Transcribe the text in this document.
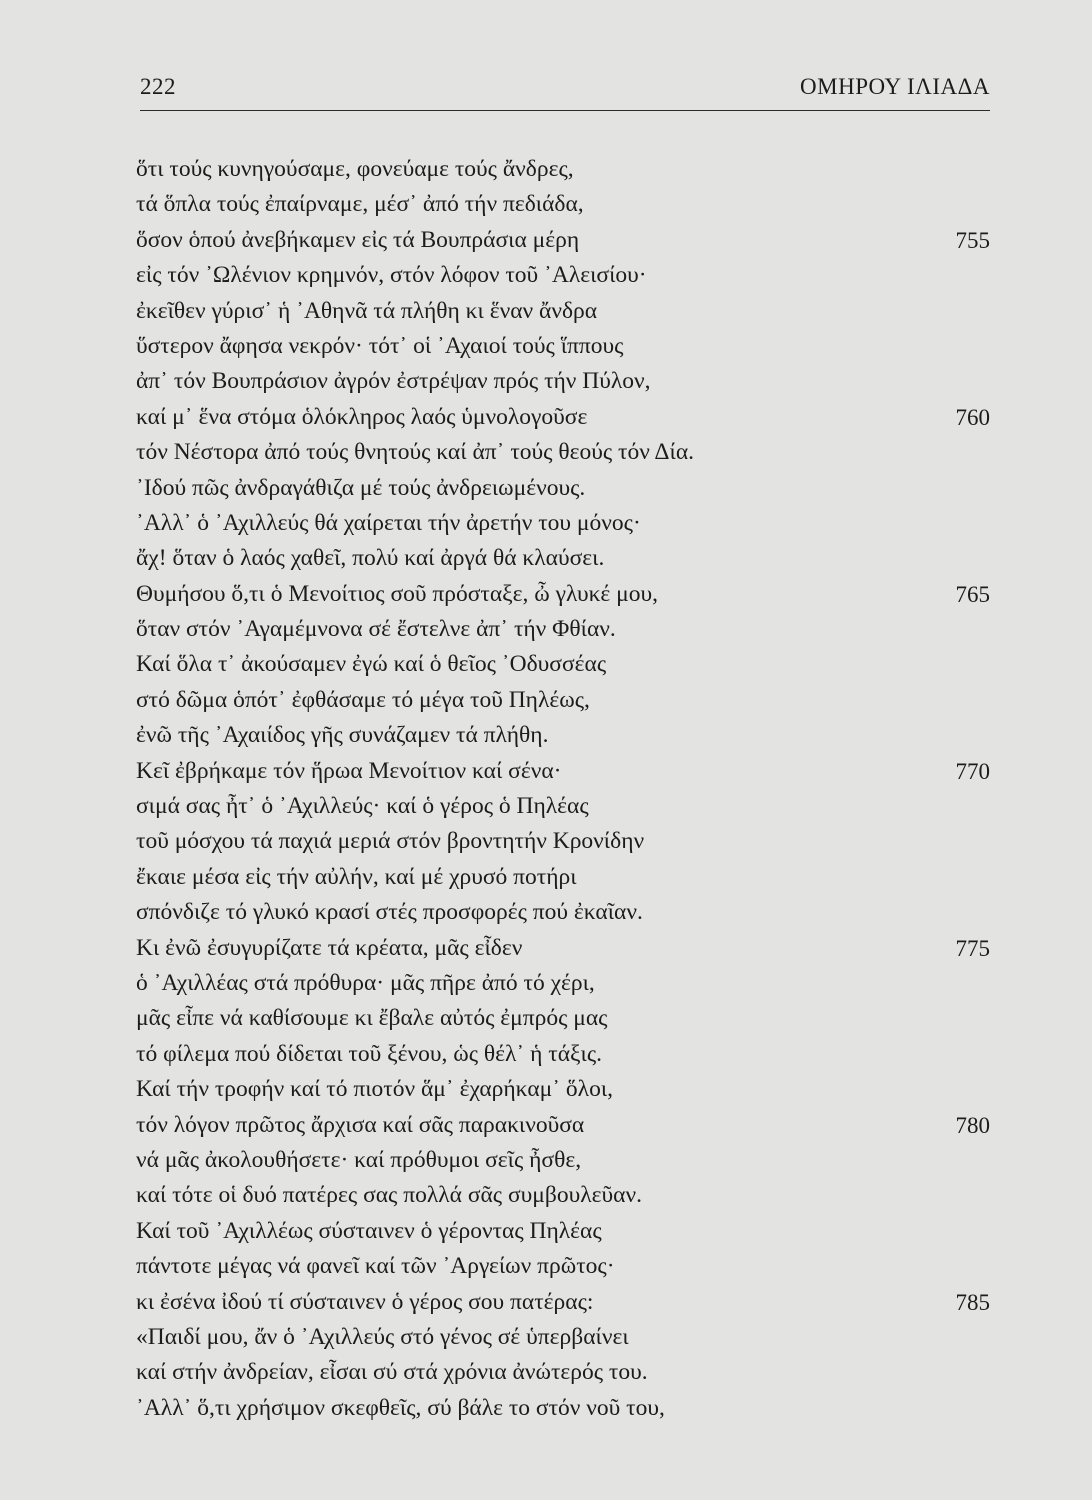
222	ΟΜΗΡΟΥ ΙΛΙΑΔΑ
ὅτι τούς κυνηγούσαμε, φονεύαμε τούς ἄνδρες,
τά ὅπλα τούς ἐπαίρναμε, μέσ᾽ ἀπό τήν πεδιάδα,
ὅσον ὁπού ἀνεβήκαμεν εἰς τά Βουπράσια μέρη	755
εἰς τόν ᾿Ωλένιον κρημνόν, στόν λόφον τοῦ ᾿Αλεισίου·
ἐκεῖθεν γύρισ᾽ ἡ ᾿Αθηνᾶ τά πλήθη κι ἕναν ἄνδρα
ὕστερον ἄφησα νεκρόν· τότ᾽ οἱ ᾿Αχαιοί τούς ἵππους
ἀπ᾽ τόν Βουπράσιον ἀγρόν ἐστρέψαν πρός τήν Πύλον,
καί μ᾽ ἕνα στόμα ὁλόκληρος λαός ὑμνολογοῦσε	760
τόν Νέστορα ἀπό τούς θνητούς καί ἀπ᾽ τούς θεούς τόν Δία.
᾿Ιδού πῶς ἀνδραγάθιζα μέ τούς ἀνδρειωμένους.
᾿Αλλ᾽ ὁ ᾿Αχιλλεύς θά χαίρεται τήν ἀρετήν του μόνος·
ἄχ! ὅταν ὁ λαός χαθεῖ, πολύ καί ἀργά θά κλαύσει.
Θυμήσου ὅ,τι ὁ Μενοίτιος σοῦ πρόσταξε, ὦ γλυκέ μου,	765
ὅταν στόν ᾿Αγαμέμνονα σέ ἔστελνε ἀπ᾽ τήν Φθίαν.
Καί ὅλα τ᾽ ἀκούσαμεν ἐγώ καί ὁ θεῖος ᾿Οδυσσέας
στό δῶμα ὁπότ᾽ ἐφθάσαμε τό μέγα τοῦ Πηλέως,
ἐνῶ τῆς ᾿Αχαιίδος γῆς συνάζαμεν τά πλήθη.
Κεῖ ἐβρήκαμε τόν ἥρωα Μενοίτιον καί σένα·	770
σιμά σας ἦτ᾽ ὁ ᾿Αχιλλεύς· καί ὁ γέρος ὁ Πηλέας
τοῦ μόσχου τά παχιά μεριά στόν βροντητήν Κρονίδην
ἔκαιε μέσα εἰς τήν αὐλήν, καί μέ χρυσό ποτήρι
σπόνδιζε τό γλυκό κρασί στές προσφορές πού ἐκαῖαν.
Κι ἐνῶ ἐσυγυρίζατε τά κρέατα, μᾶς εἶδεν	775
ὁ ᾿Αχιλλέας στά πρόθυρα· μᾶς πῆρε ἀπό τό χέρι,
μᾶς εἶπε νά καθίσουμε κι ἔβαλε αὐτός ἐμπρός μας
τό φίλεμα πού δίδεται τοῦ ξένου, ὡς θέλ᾽ ἡ τάξις.
Καί τήν τροφήν καί τό πιοτόν ἅμ᾽ ἐχαρήκαμ᾽ ὅλοι,
τόν λόγον πρῶτος ἄρχισα καί σᾶς παρακινοῦσα	780
νά μᾶς ἀκολουθήσετε· καί πρόθυμοι σεῖς ἦσθε,
καί τότε οἱ δυό πατέρες σας πολλά σᾶς συμβουλεῦαν.
Καί τοῦ ᾿Αχιλλέως σύσταινεν ὁ γέροντας Πηλέας
πάντοτε μέγας νά φανεῖ καί τῶν ᾿Αργείων πρῶτος·
κι ἐσένα ἰδού τί σύσταινεν ὁ γέρος σου πατέρας:	785
«Παιδί μου, ἄν ὁ ᾿Αχιλλεύς στό γένος σέ ὑπερβαίνει
καί στήν ἀνδρείαν, εἶσαι σύ στά χρόνια ἀνώτερός του.
᾿Αλλ᾽ ὅ,τι χρήσιμον σκεφθεῖς, σύ βάλε το στόν νοῦ του,
